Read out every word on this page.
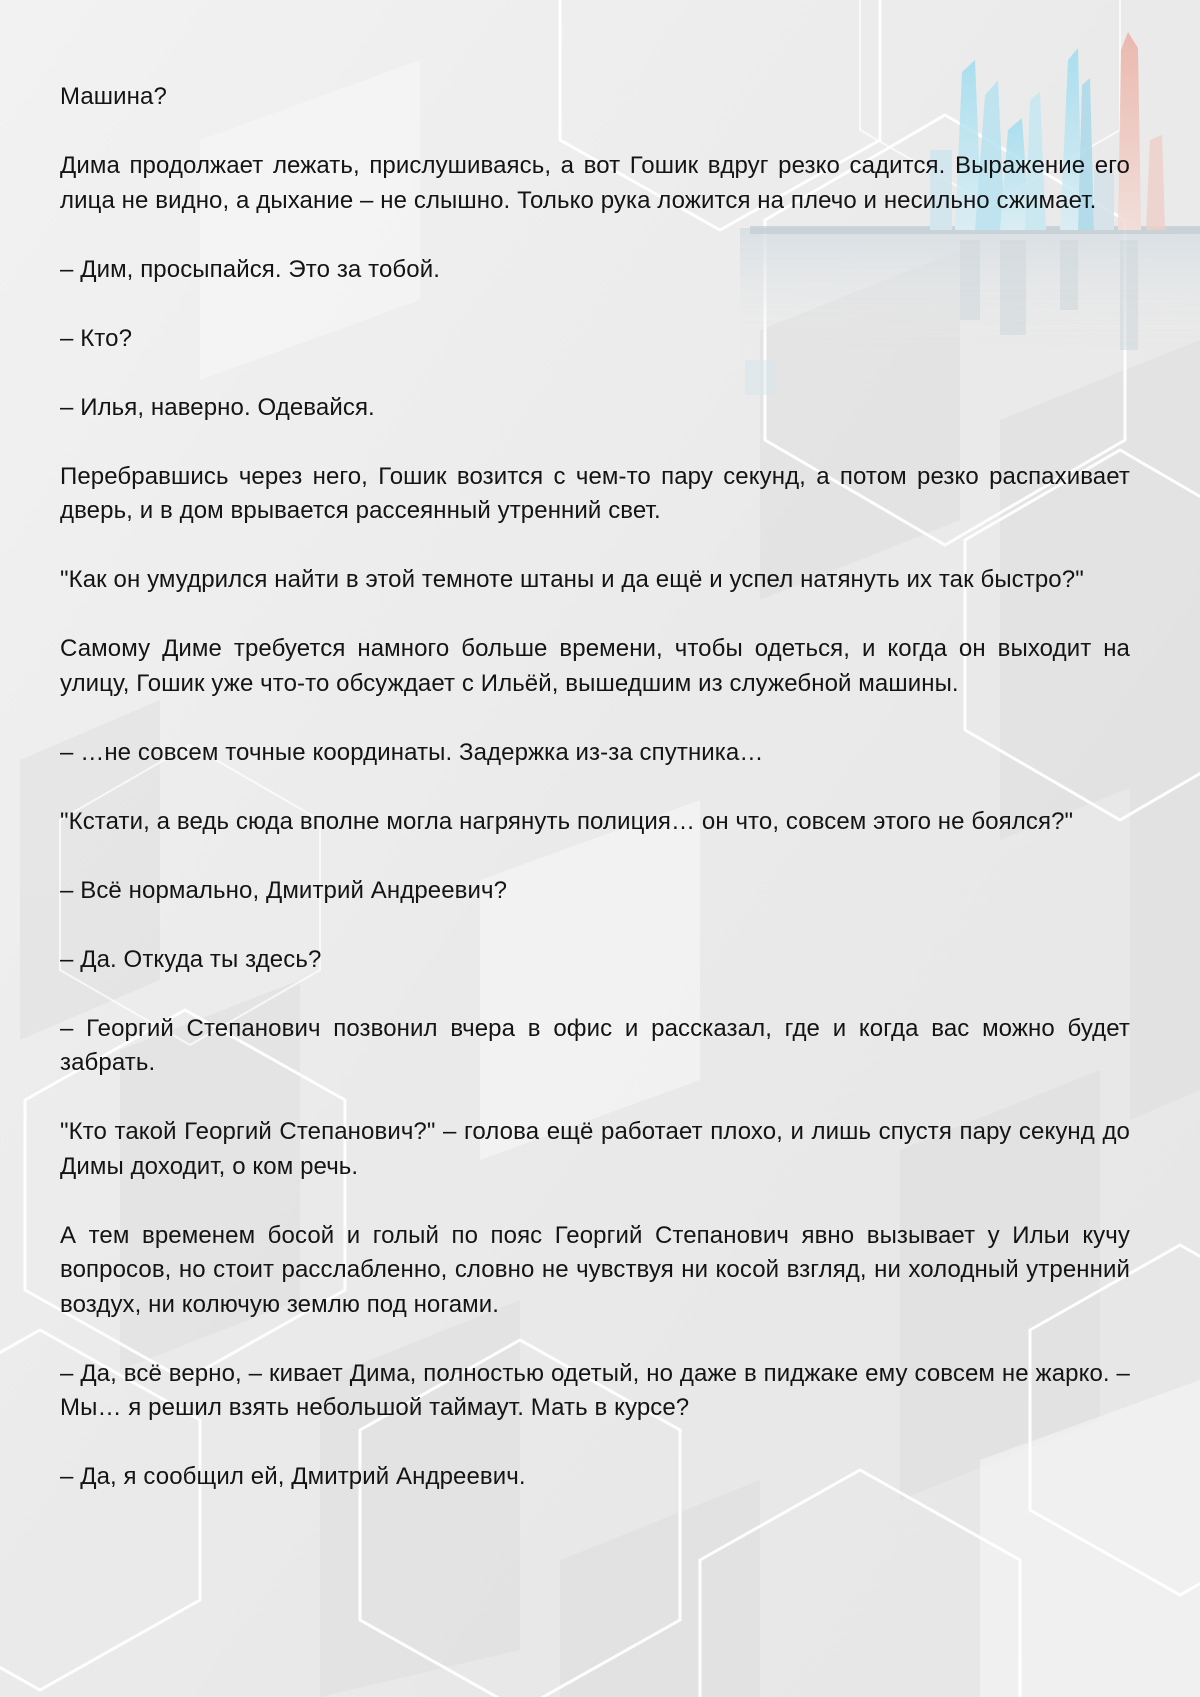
Машина?

Дима продолжает лежать, прислушиваясь, а вот Гошик вдруг резко садится. Выражение его лица не видно, а дыхание – не слышно. Только рука ложится на плечо и несильно сжимает.

– Дим, просыпайся. Это за тобой.

– Кто?

– Илья, наверно. Одевайся.

Перебравшись через него, Гошик возится с чем-то пару секунд, а потом резко распахивает дверь, и в дом врывается рассеянный утренний свет.

"Как он умудрился найти в этой темноте штаны и да ещё и успел натянуть их так быстро?"

Самому Диме требуется намного больше времени, чтобы одеться, и когда он выходит на улицу, Гошик уже что-то обсуждает с Ильёй, вышедшим из служебной машины.

– …не совсем точные координаты. Задержка из-за спутника…

"Кстати, а ведь сюда вполне могла нагрянуть полиция… он что, совсем этого не боялся?"

– Всё нормально, Дмитрий Андреевич?

– Да. Откуда ты здесь?

– Георгий Степанович позвонил вчера в офис и рассказал, где и когда вас можно будет забрать.

"Кто такой Георгий Степанович?" – голова ещё работает плохо, и лишь спустя пару секунд до Димы доходит, о ком речь.

А тем временем босой и голый по пояс Георгий Степанович явно вызывает у Ильи кучу вопросов, но стоит расслабленно, словно не чувствуя ни косой взгляд, ни холодный утренний воздух, ни колючую землю под ногами.

– Да, всё верно, – кивает Дима, полностью одетый, но даже в пиджаке ему совсем не жарко. – Мы… я решил взять небольшой таймаут. Мать в курсе?

– Да, я сообщил ей, Дмитрий Андреевич.
